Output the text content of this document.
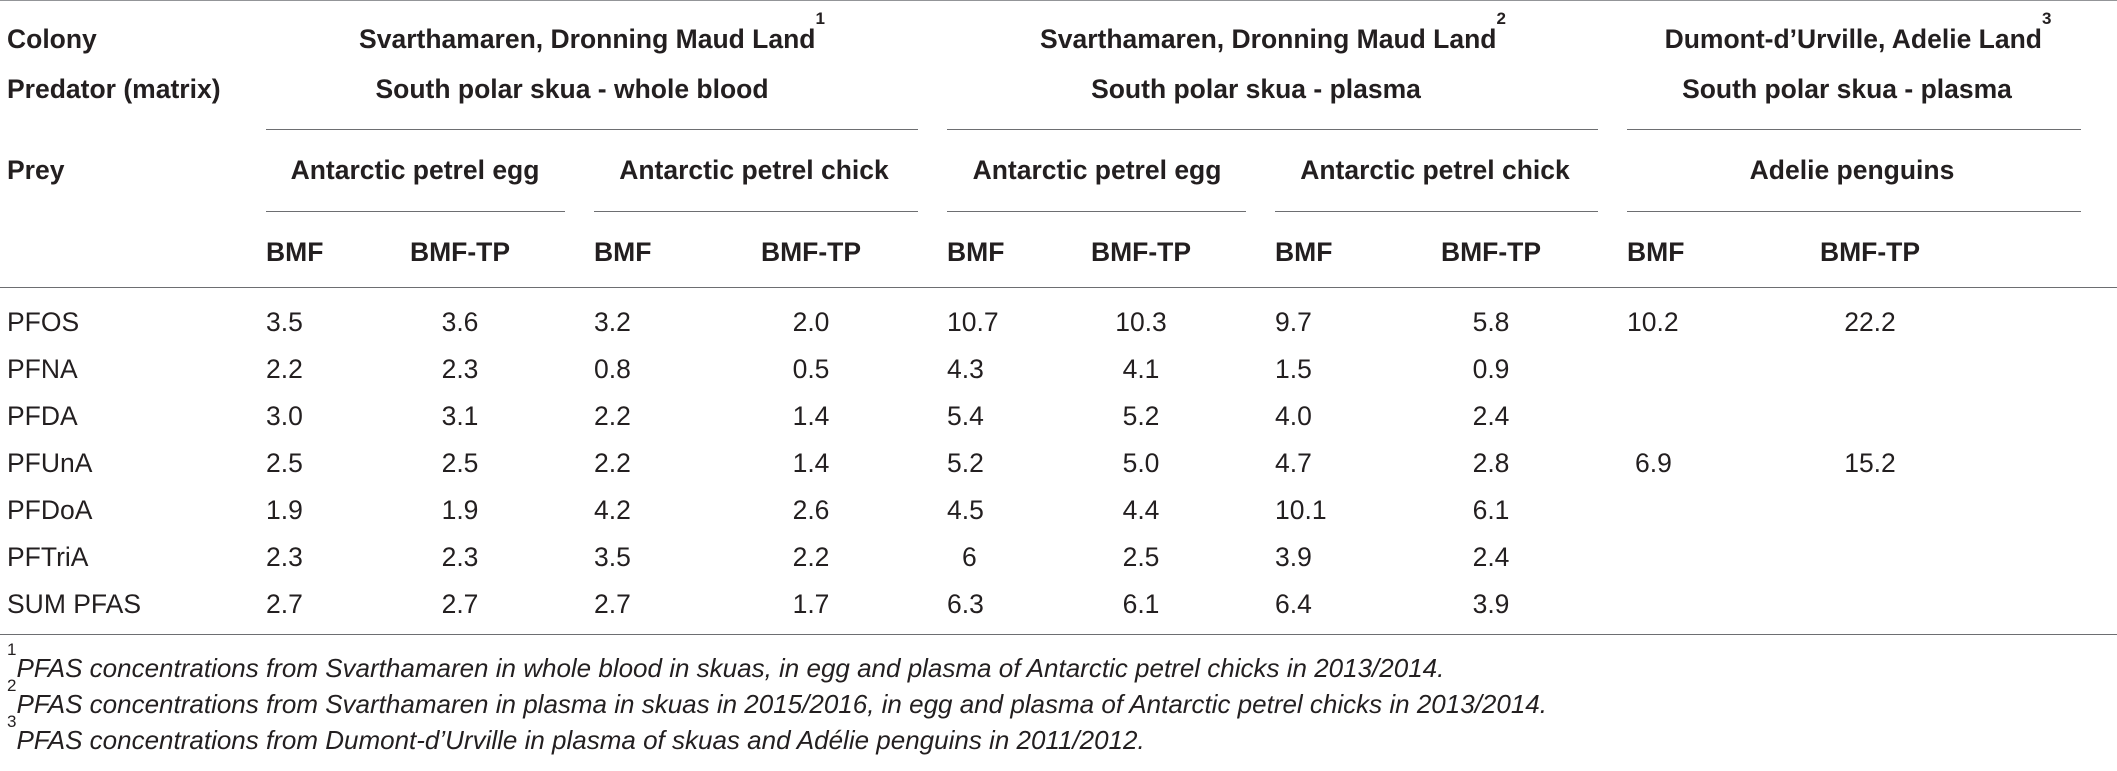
Colony
Predator (matrix)
Prey
Svarthamaren, Dronning Maud Land$^1$
South polar skua - whole blood
Svarthamaren, Dronning Maud Land$^2$
South polar skua - plasma
Dumont-d’Urville, Adelie Land$^3$
South polar skua - plasma
Antarctic petrel egg	Antarctic petrel chick	Antarctic petrel egg	Antarctic petrel chick	Adelie penguins
BMF	BMF-TP	BMF	BMF-TP	BMF	BMF-TP	BMF	BMF-TP	BMF	BMF-TP
PFOS	3.5	3.6	3.2	2.0	10.7	10.3	9.7	5.8	10.2	22.2
PFNA	2.2	2.3	0.8	0.5	4.3	4.1	1.5	0.9
PFDA	3.0	3.1	2.2	1.4	5.4	5.2	4.0	2.4
PFUnA	2.5	2.5	2.2	1.4	5.2	5.0	4.7	2.8	6.9	15.2
PFDoA	1.9	1.9	4.2	2.6	4.5	4.4	10.1	6.1
PFTriA	2.3	2.3	3.5	2.2	6	2.5	3.9	2.4
SUM PFAS	2.7	2.7	2.7	1.7	6.3	6.1	6.4	3.9
$^1$PFAS concentrations from Svarthamaren in whole blood in skuas, in egg and plasma of Antarctic petrel chicks in 2013/2014.
$^2$PFAS concentrations from Svarthamaren in plasma in skuas in 2015/2016, in egg and plasma of Antarctic petrel chicks in 2013/2014.
$^3$PFAS concentrations from Dumont-d’Urville in plasma of skuas and Adélie penguins in 2011/2012.
